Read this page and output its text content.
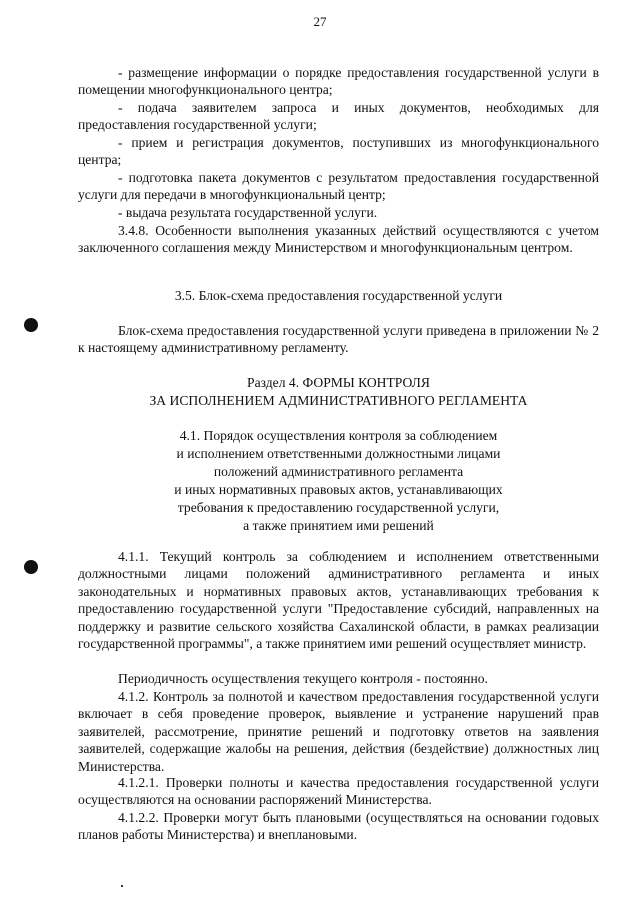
27

- размещение информации о порядке предоставления государственной услуги в помещении многофункционального центра;

- подача заявителем запроса и иных документов, необходимых для предоставления государственной услуги;

- прием и регистрация документов, поступивших из многофункционального центра;

- подготовка пакета документов с результатом предоставления государственной услуги для передачи в многофункциональный центр;

- выдача результата государственной услуги.

3.4.8. Особенности выполнения указанных действий осуществляются с учетом заключенного соглашения между Министерством и многофункциональным центром.

3.5. Блок-схема предоставления государственной услуги

Блок-схема предоставления государственной услуги приведена в приложении № 2 к настоящему административному регламенту.

Раздел 4. ФОРМЫ КОНТРОЛЯ

ЗА ИСПОЛНЕНИЕМ АДМИНИСТРАТИВНОГО РЕГЛАМЕНТА

4.1. Порядок осуществления контроля за соблюдением

и исполнением ответственными должностными лицами

положений административного регламента

и иных нормативных правовых актов, устанавливающих

требования к предоставлению государственной услуги,

а также принятием ими решений

4.1.1. Текущий контроль за соблюдением и исполнением ответственными должностными лицами положений административного регламента и иных законодательных и нормативных правовых актов, устанавливающих требования к предоставлению государственной услуги "Предоставление субсидий, направленных на поддержку и развитие сельского хозяйства Сахалинской области, в рамках реализации государственной программы", а также принятием ими решений осуществляет министр.

Периодичность осуществления текущего контроля - постоянно.

4.1.2. Контроль за полнотой и качеством предоставления государственной услуги включает в себя проведение проверок, выявление и устранение нарушений прав заявителей, рассмотрение, принятие решений и подготовку ответов на заявления заявителей, содержащие жалобы на решения, действия (бездействие) должностных лиц Министерства.

4.1.2.1. Проверки полноты и качества предоставления государственной услуги осуществляются на основании распоряжений Министерства.

4.1.2.2. Проверки могут быть плановыми (осуществляться на основании годовых планов работы Министерства) и внеплановыми.
